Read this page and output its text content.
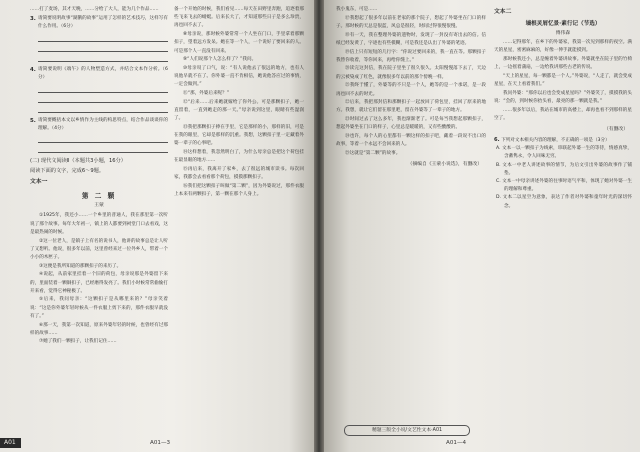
……打了麦场，其才天晚，……分给了大人，能为几个作品……

3. 请简要说明故事“湖鹅的故事”运用了怎样的艺术技巧，这样写有什么作用。（6分）
4. 请简要说明《端午》的人物塑造方式，并结合文本作分析。（6分）
5. 请简要概括本文以乡情作为主线的构思特点，结合作品谈谈你的理解。（4分）
(二) 现代文阅读Ⅱ（本题共3小题，16分）
阅读下面的文字，完成6～9题。
文本一
第 二 颗
王蒙

①1925年，我还小……一个乡里的普通人，我在那里第一次听说了那个故事。每年大年初一，镇上的人都要到祠堂门口去看戏，这是最热闹的时候。

②这一位老人，是镇子上有名的说书人，他讲的故事总是让人听了又想听。他说，很多年以前，这里曾经来过一位外乡人，带着一个小小的木匣子。

③这便是我所知道的那颗扣子的来历了。

④说起，从前家里挂着一个旧的荷包，母亲说那是外婆留下来的，里面装着一颗铜扣子，已经磨得发亮了。我们小时候常常偷偷打开来看，觉得它神秘极了。

⑤后来，我问母亲：“这颗扣子是从哪里来的？”母亲笑着说：“这是你外婆年轻时候从一件衣服上剪下来的，那件衣服早就没有了。”

⑥那一天，我第一次知道，原来外婆年轻的时候，也曾经有过那样的故事……

⑦她了我们一颗扣子，让我们记住……

备一个开始的时候，我们看见……每天在田野里奔跑，追逐着那些飞来飞去的蜻蜓。后来长大了，才知道那些日子是多么珍贵，再也回不去了。

⑧母亲说，那时候外婆常常一个人坐在门口，手里拿着那颗扣子，望着远方发呆。她在等一个人，一个说好了要回来的人。可是那个人一直没有回来。

⑨“人们说那个人怎么样了？”我问。

⑩母亲叹了口气，说：“有人说他去了很远的地方，也有人说他早就不在了。你外婆一直不肯相信，她说他答应过的事情，一定会做到。”

⑪“那，外婆后来呢？”

⑫“后来……后来她就嫁给了你外公。可是那颗扣子，她一直留着，一直到她走的那一天。”母亲说到这里，眼睛有些湿润了。

⑬我把那颗扣子捧在手里，它是那样的小，那样的旧，可是在我的眼里，它却是那样的沉重。我想，这颗扣子里一定藏着外婆一辈子的心事吧。

⑭这样想着，我忽然明白了，为什么母亲总是把这个荷包挂在最显眼的地方……

⑮再后来，我离开了家乡，去了很远的城市读书。每次回家，我都会去看看那个荷包，摸摸那颗扣子。

⑯我们把这颗扣子叫做“第二颗”，因为外婆说过，那件衣服上本来有两颗扣子，第一颗在那个人身上。

A01	A01—3

我小鬼东，可是……

⑰我想起了很多年以前在老家的那个院子，想起了外婆坐在门口的样子。那时候的天总是很蓝，风总是很轻，时间过得很慢很慢。

⑱有一天，我在整理外婆的遗物时，发现了一封没有寄出去的信。信纸已经发黄了，字迹也有些模糊，可是我还是认出了外婆的笔迹。

⑲信上只有短短的几行字：“你说过要回来的，我一直在等。那颗扣子我替你收着，等你回来，再给你缝上。”

⑳读完这封信，我在院子里坐了很久很久。太阳慢慢落下去了，天边的云被染成了红色，就像很多年以前的那个傍晚一样。

㉑我终于懂了，外婆等的不只是一个人，她等的是一个承诺，是一段再也回不去的时光。

㉒后来，我把那封信和那颗扣子一起放回了荷包里，挂回了原来的地方。我想，就让它们留在那里吧，留在外婆等了一辈子的地方。

㉓时间过去了这么多年，我也渐渐老了。可是每当我想起那颗扣子，想起外婆坐在门口的样子，心里总是暖暖的，又有些酸酸的。

㉔也许，每个人的心里都有一颗这样的扣子吧，藏着一段说不出口的故事，等着一个永远不会回来的人。

㉕这就是“第二颗”的故事。

（摘编自《王蒙小说选》，有删改）
文本二
墙根灵屑忆景·素行记（节选）
傅伟森

……记得那年，在乡下的外婆家，我第一次见到那样的夜空。满天的星星，密密麻麻的，好像一伸手就能摸到。

那时候我还小，总是缠着外婆讲故事。外婆就坐在院子里的竹椅上，一边摇着蒲扇，一边给我讲那些古老的传说。

“天上的星星，每一颗都是一个人。”外婆说，“人走了，就会变成星星，在天上看着我们。”

我问外婆：“那你以后也会变成星星吗？”外婆笑了，摸摸我的头说：“会的，到时候你抬头看，最亮的那一颗就是我。”

……很多年以后，我站在城市的高楼上，却再也看不到那样的星空了。

（有删改）

6. 下列对文本相关内容的理解，不正确的一项是（3分）

A. 文本一以一颗扣子为线索，串联起外婆一生的等待，情感真挚，含蓄隽永，令人回味无穷。

B. 文本一中老人讲述故事的情节，为后文引出外婆的故事作了铺垫。

C. 文本一中母亲讲述外婆的往事时语气平和，体现了她对外婆一生的理解和尊重。

D. 文本二以星空为意象，表达了作者对外婆和童年时光的深切怀念。

精题三版全小说/文艺性文本·A01
A01—4
